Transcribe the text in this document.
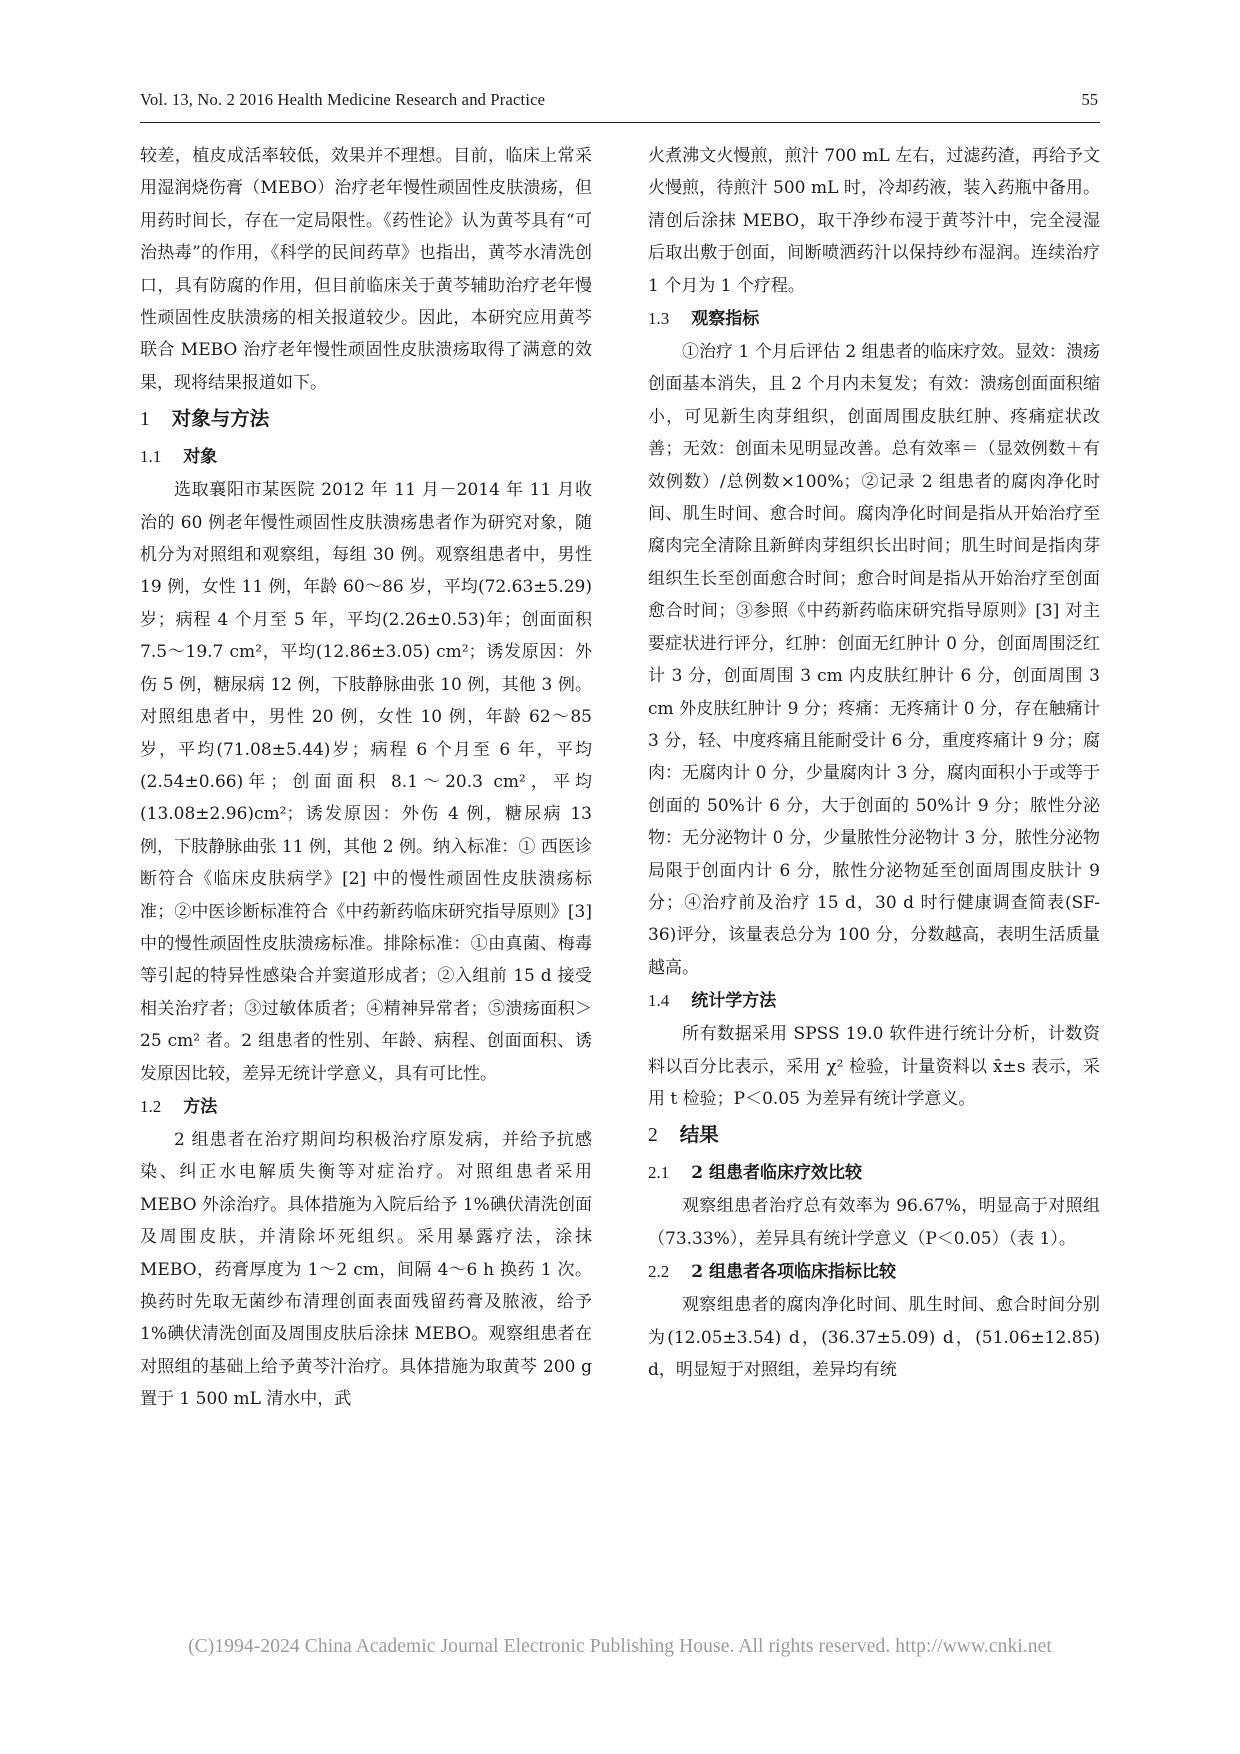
Vol. 13, No. 2 2016 Health Medicine Research and Practice	55

较差，植皮成活率较低，效果并不理想。目前，临床上常采用湿润烧伤膏（MEBO）治疗老年慢性顽固性皮肤溃疡，但用药时间长，存在一定局限性。《药性论》认为黄芩具有“可治热毒”的作用，《科学的民间药草》也指出，黄芩水清洗创口，具有防腐的作用，但目前临床关于黄芩辅助治疗老年慢性顽固性皮肤溃疡的相关报道较少。因此，本研究应用黄芩联合 MEBO 治疗老年慢性顽固性皮肤溃疡取得了满意的效果，现将结果报道如下。

1 对象与方法
1.1 对象

选取襄阳市某医院 2012 年 11 月－2014 年 11 月收治的 60 例老年慢性顽固性皮肤溃疡患者作为研究对象，随机分为对照组和观察组，每组 30 例。观察组患者中，男性 19 例，女性 11 例，年龄 60～86 岁，平均(72.63±5.29)岁；病程 4 个月至 5 年，平均(2.26±0.53)年；创面面积 7.5～19.7 cm²，平均(12.86±3.05) cm²；诱发原因：外伤 5 例，糖尿病 12 例，下肢静脉曲张 10 例，其他 3 例。对照组患者中，男性 20 例，女性 10 例，年龄 62～85 岁，平均(71.08±5.44)岁；病程 6 个月至 6 年，平均(2.54±0.66)年；创面面积 8.1～20.3 cm²，平均(13.08±2.96)cm²；诱发原因：外伤 4 例，糖尿病 13 例，下肢静脉曲张 11 例，其他 2 例。纳入标准：① 西医诊断符合《临床皮肤病学》[2] 中的慢性顽固性皮肤溃疡标准；②中医诊断标准符合《中药新药临床研究指导原则》[3] 中的慢性顽固性皮肤溃疡标准。排除标准：①由真菌、梅毒等引起的特异性感染合并窦道形成者；②入组前 15 d 接受相关治疗者；③过敏体质者；④精神异常者；⑤溃疡面积＞25 cm² 者。2 组患者的性别、年龄、病程、创面面积、诱发原因比较，差异无统计学意义，具有可比性。

1.2 方法

2 组患者在治疗期间均积极治疗原发病，并给予抗感染、纠正水电解质失衡等对症治疗。对照组患者采用 MEBO 外涂治疗。具体措施为入院后给予 1%碘伏清洗创面及周围皮肤，并清除坏死组织。采用暴露疗法，涂抹 MEBO，药膏厚度为 1～2 cm，间隔 4～6 h 换药 1 次。换药时先取无菌纱布清理创面表面残留药膏及脓液，给予 1%碘伏清洗创面及周围皮肤后涂抹 MEBO。观察组患者在对照组的基础上给予黄芩汁治疗。具体措施为取黄芩 200 g 置于 1 500 mL 清水中，武

火煮沸文火慢煎，煎汁 700 mL 左右，过滤药渣，再给予文火慢煎，待煎汁 500 mL 时，冷却药液，装入药瓶中备用。清创后涂抹 MEBO，取干净纱布浸于黄芩汁中，完全浸湿后取出敷于创面，间断喷洒药汁以保持纱布湿润。连续治疗 1 个月为 1 个疗程。

1.3 观察指标

①治疗 1 个月后评估 2 组患者的临床疗效。显效：溃疡创面基本消失，且 2 个月内未复发；有效：溃疡创面面积缩小，可见新生肉芽组织，创面周围皮肤红肿、疼痛症状改善；无效：创面未见明显改善。总有效率＝（显效例数＋有效例数）/总例数×100%；②记录 2 组患者的腐肉净化时间、肌生时间、愈合时间。腐肉净化时间是指从开始治疗至腐肉完全清除且新鲜肉芽组织长出时间；肌生时间是指肉芽组织生长至创面愈合时间；愈合时间是指从开始治疗至创面愈合时间；③参照《中药新药临床研究指导原则》[3] 对主要症状进行评分，红肿：创面无红肿计 0 分，创面周围泛红计 3 分，创面周围 3 cm 内皮肤红肿计 6 分，创面周围 3 cm 外皮肤红肿计 9 分；疼痛：无疼痛计 0 分，存在触痛计 3 分，轻、中度疼痛且能耐受计 6 分，重度疼痛计 9 分；腐肉：无腐肉计 0 分，少量腐肉计 3 分，腐肉面积小于或等于创面的 50%计 6 分，大于创面的 50%计 9 分；脓性分泌物：无分泌物计 0 分，少量脓性分泌物计 3 分，脓性分泌物局限于创面内计 6 分，脓性分泌物延至创面周围皮肤计 9 分；④治疗前及治疗 15 d，30 d 时行健康调查简表(SF-36)评分，该量表总分为 100 分，分数越高，表明生活质量越高。

1.4 统计学方法

所有数据采用 SPSS 19.0 软件进行统计分析，计数资料以百分比表示，采用 χ² 检验，计量资料以 x̄±s 表示，采用 t 检验；P＜0.05 为差异有统计学意义。

2 结果
2.1 2 组患者临床疗效比较

观察组患者治疗总有效率为 96.67%，明显高于对照组（73.33%），差异具有统计学意义（P＜0.05）（表 1）。

2.2 2 组患者各项临床指标比较

观察组患者的腐肉净化时间、肌生时间、愈合时间分别为(12.05±3.54) d，(36.37±5.09) d，(51.06±12.85) d，明显短于对照组，差异均有统

(C)1994-2024 China Academic Journal Electronic Publishing House. All rights reserved. http://www.cnki.net
